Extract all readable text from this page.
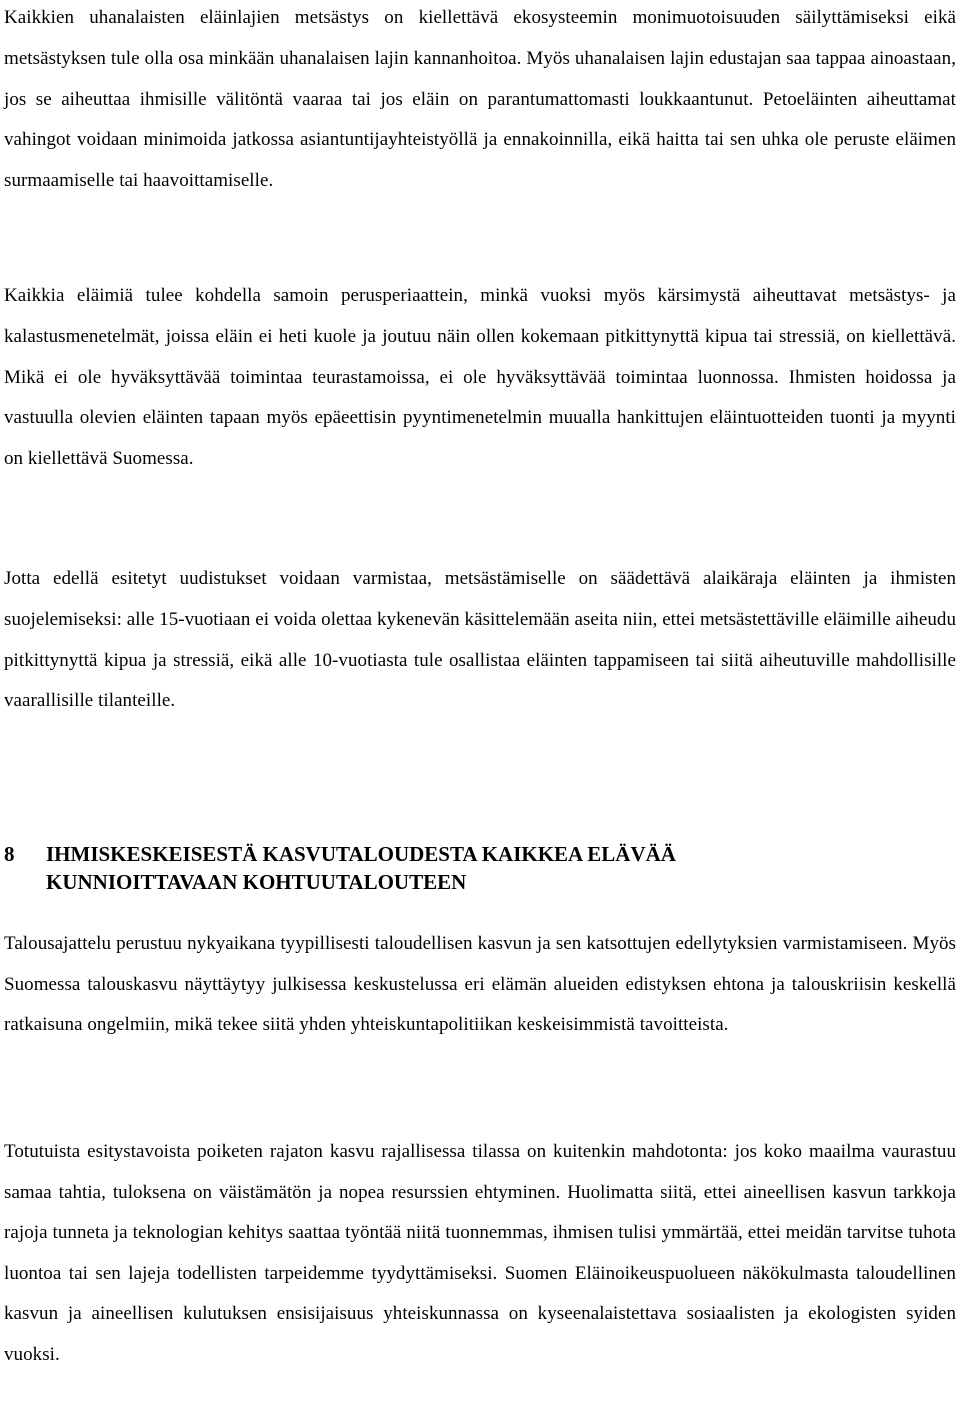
Kaikkien uhanalaisten eläinlajien metsästys on kiellettävä ekosysteemin monimuotoisuuden säilyttämiseksi eikä metsästyksen tule olla osa minkään uhanalaisen lajin kannanhoitoa. Myös uhanalaisen lajin edustajan saa tappaa ainoastaan, jos se aiheuttaa ihmisille välitöntä vaaraa tai jos eläin on parantumattomasti loukkaantunut. Petoeläinten aiheuttamat vahingot voidaan minimoida jatkossa asiantuntijayhteistyöllä ja ennakoinnilla, eikä haitta tai sen uhka ole peruste eläimen surmaamiselle tai haavoittamiselle.

Kaikkia eläimiä tulee kohdella samoin perusperiaattein, minkä vuoksi myös kärsimystä aiheuttavat metsästys- ja kalastusmenetelmät, joissa eläin ei heti kuole ja joutuu näin ollen kokemaan pitkittynyttä kipua tai stressiä, on kiellettävä. Mikä ei ole hyväksyttävää toimintaa teurastamoissa, ei ole hyväksyttävää toimintaa luonnossa. Ihmisten hoidossa ja vastuulla olevien eläinten tapaan myös epäeettisin pyyntimenetelmin muualla hankittujen eläintuotteiden tuonti ja myynti on kiellettävä Suomessa.

Jotta edellä esitetyt uudistukset voidaan varmistaa, metsästämiselle on säädettävä alaikäraja eläinten ja ihmisten suojelemiseksi: alle 15-vuotiaan ei voida olettaa kykenevän käsittelemään aseita niin, ettei metsästettäville eläimille aiheudu pitkittynyttä kipua ja stressiä, eikä alle 10-vuotiasta tule osallistaa eläinten tappamiseen tai siitä aiheutuville mahdollisille vaarallisille tilanteille.

8 IHMISKESKEISESTÄ KASVUTALOUDESTA KAIKKEA ELÄVÄÄ KUNNIOITTAVAAN KOHTUUTALOUTEEN

Talousajattelu perustuu nykyaikana tyypillisesti taloudellisen kasvun ja sen katsottujen edellytyksien varmistamiseen. Myös Suomessa talouskasvu näyttäytyy julkisessa keskustelussa eri elämän alueiden edistyksen ehtona ja talouskriisin keskellä ratkaisuna ongelmiin, mikä tekee siitä yhden yhteiskuntapolitiikan keskeisimmistä tavoitteista.

Totutuista esitystavoista poiketen rajaton kasvu rajallisessa tilassa on kuitenkin mahdotonta: jos koko maailma vaurastuu samaa tahtia, tuloksena on väistämätön ja nopea resurssien ehtyminen. Huolimatta siitä, ettei aineellisen kasvun tarkkoja rajoja tunneta ja teknologian kehitys saattaa työntää niitä tuonnemmas, ihmisen tulisi ymmärtää, ettei meidän tarvitse tuhota luontoa tai sen lajeja todellisten tarpeidemme tyydyttämiseksi. Suomen Eläinoikeuspuolueen näkökulmasta taloudellinen kasvun ja aineellisen kulutuksen ensisijaisuus yhteiskunnassa on kyseenalaistettava sosiaalisten ja ekologisten syiden vuoksi.
